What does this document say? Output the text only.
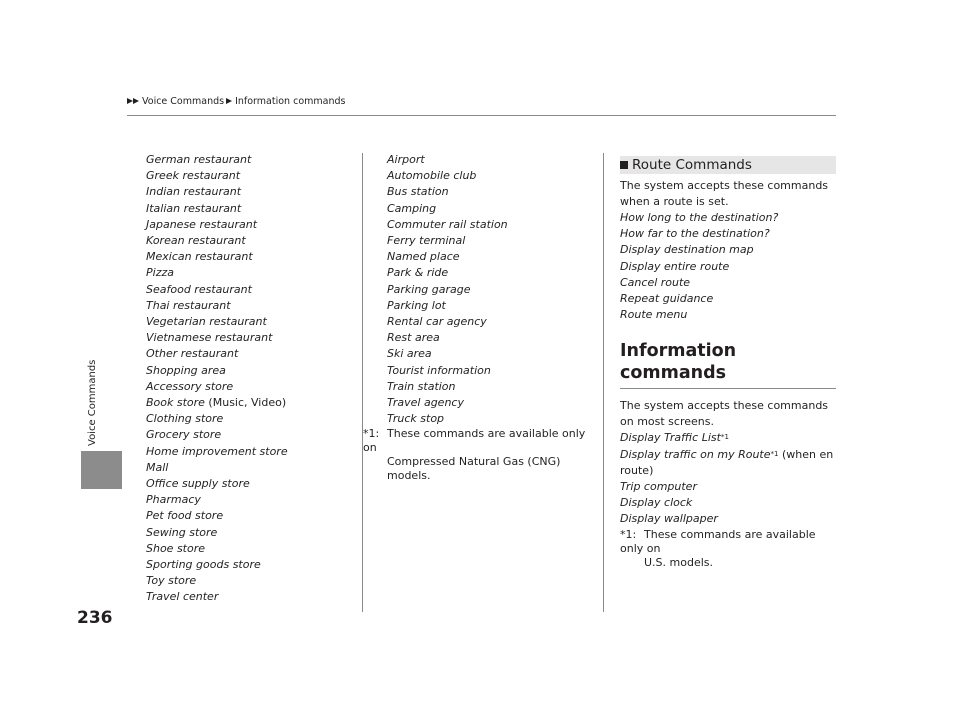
Voice Commands Information commands
Voice Commands
236
German restaurant
Greek restaurant
Indian restaurant
Italian restaurant
Japanese restaurant
Korean restaurant
Mexican restaurant
Pizza
Seafood restaurant
Thai restaurant
Vegetarian restaurant
Vietnamese restaurant
Other restaurant
Shopping area
Accessory store
Book store (Music, Video)
Clothing store
Grocery store
Home improvement store
Mall
Office supply store
Pharmacy
Pet food store
Sewing store
Shoe store
Sporting goods store
Toy store
Travel center
Airport
Automobile club
Bus station
Camping
Commuter rail station
Ferry terminal
Named place
Park & ride
Parking garage
Parking lot
Rental car agency
Rest area
Ski area
Tourist information
Train station
Travel agency
Truck stop
*1: These commands are available only on
Compressed Natural Gas (CNG)
models.
Route Commands
The system accepts these commands when a route is set.
How long to the destination?
How far to the destination?
Display destination map
Display entire route
Cancel route
Repeat guidance
Route menu
Information commands
The system accepts these commands on most screens.
Display Traffic List$^{*1}$
Display traffic on my Route$^{*1}$ (when en route)
Trip computer
Display clock
Display wallpaper
*1: These commands are available only on
U.S. models.
